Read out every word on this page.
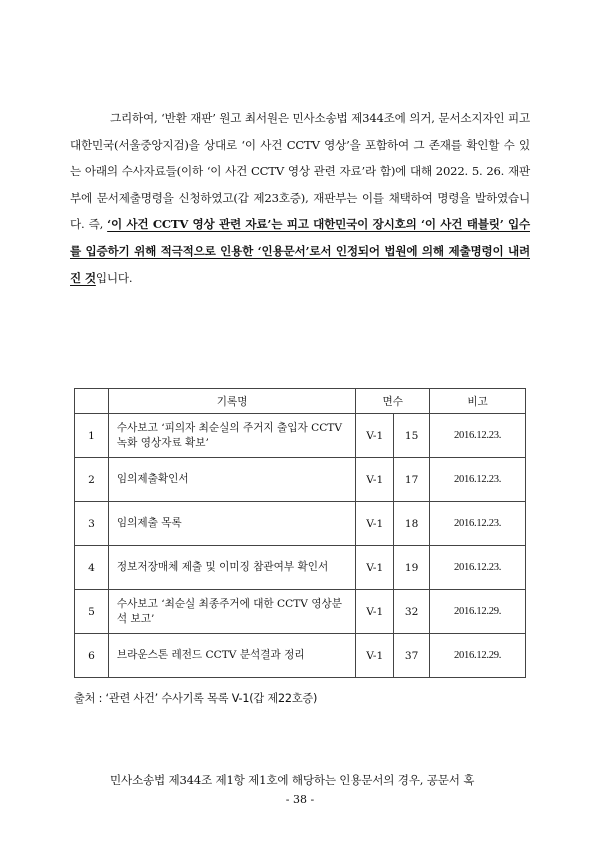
그리하여, ‘반환 재판’ 원고 최서원은 민사소송법 제344조에 의거, 문서소지자인 피고 대한민국(서울중앙지검)을 상대로 ‘이 사건 CCTV 영상’을 포함하여 그 존재를 확인할 수 있는 아래의 수사자료들(이하 ‘이 사건 CCTV 영상 관련 자료’라 함)에 대해 2022. 5. 26. 재판부에 문서제출명령을 신청하였고(갑 제23호증), 재판부는 이를 채택하여 명령을 발하였습니다. 즉, ‘이 사건 CCTV 영상 관련 자료’는 피고 대한민국이 장시호의 ‘이 사건 태블릿’ 입수를 입증하기 위해 적극적으로 인용한 ‘인용문서’로서 인정되어 법원에 의해 제출명령이 내려진 것입니다.
	기록명	면수		비고
1	수사보고 ‘피의자 최순실의 주거지 출입자 CCTV 녹화 영상자료 확보’	V-1	15	2016.12.23.
2	임의제출확인서	V-1	17	2016.12.23.
3	임의제출 목록	V-1	18	2016.12.23.
4	정보저장매체 제출 및 이미징 참관여부 확인서	V-1	19	2016.12.23.
5	수사보고 ‘최순실 최종주거에 대한 CCTV 영상분석 보고’	V-1	32	2016.12.29.
6	브라운스톤 레전드 CCTV 분석결과 정리	V-1	37	2016.12.29.
출처 : ‘관련 사건’ 수사기록 목록 V-1(갑 제22호증)
민사소송법 제344조 제1항 제1호에 해당하는 인용문서의 경우, 공문서 혹
- 38 -
